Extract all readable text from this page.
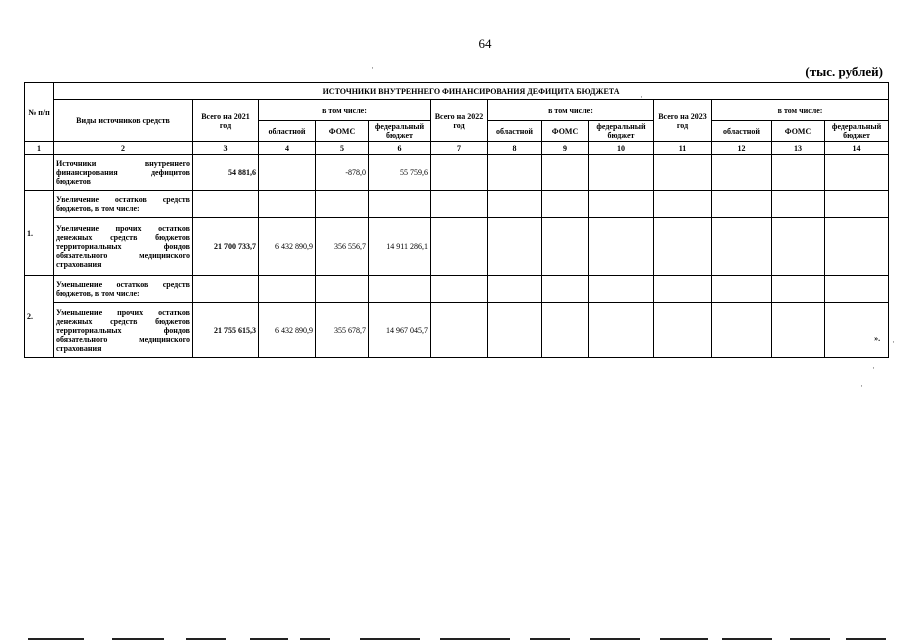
64
(тыс. рублей)
·
·
·
·
·
№ п/п	ИСТОЧНИКИ ВНУТРЕННЕГО ФИНАНСИРОВАНИЯ ДЕФИЦИТА БЮДЖЕТА												
	Виды источников средств	Всего на 2021 год	в том числе:			Всего на 2022 год	в том числе:			Всего на 2023 год	в том числе:		
			областной	ФОМС	федеральный бюджет		областной	ФОМС	федеральный бюджет		областной	ФОМС	федеральный бюджет
1	2	3	4	5	6	7	8	9	10	11	12	13	14
	Источники внутреннего финансирования дефицитов бюджетов	54 881,6		-878,0	55 759,6								
1.	Увеличение остатков средств бюджетов, в том числе:												
	Увеличение прочих остатков денежных средств бюджетов территориальных фондов обязательного медицинского страхования	21 700 733,7	6 432 890,9	356 556,7	14 911 286,1								
2.	Уменьшение остатков средств бюджетов, в том числе:												
	Уменьшение прочих остатков денежных средств бюджетов территориальных фондов обязательного медицинского страхования	21 755 615,3	6 432 890,9	355 678,7	14 967 045,7								».
